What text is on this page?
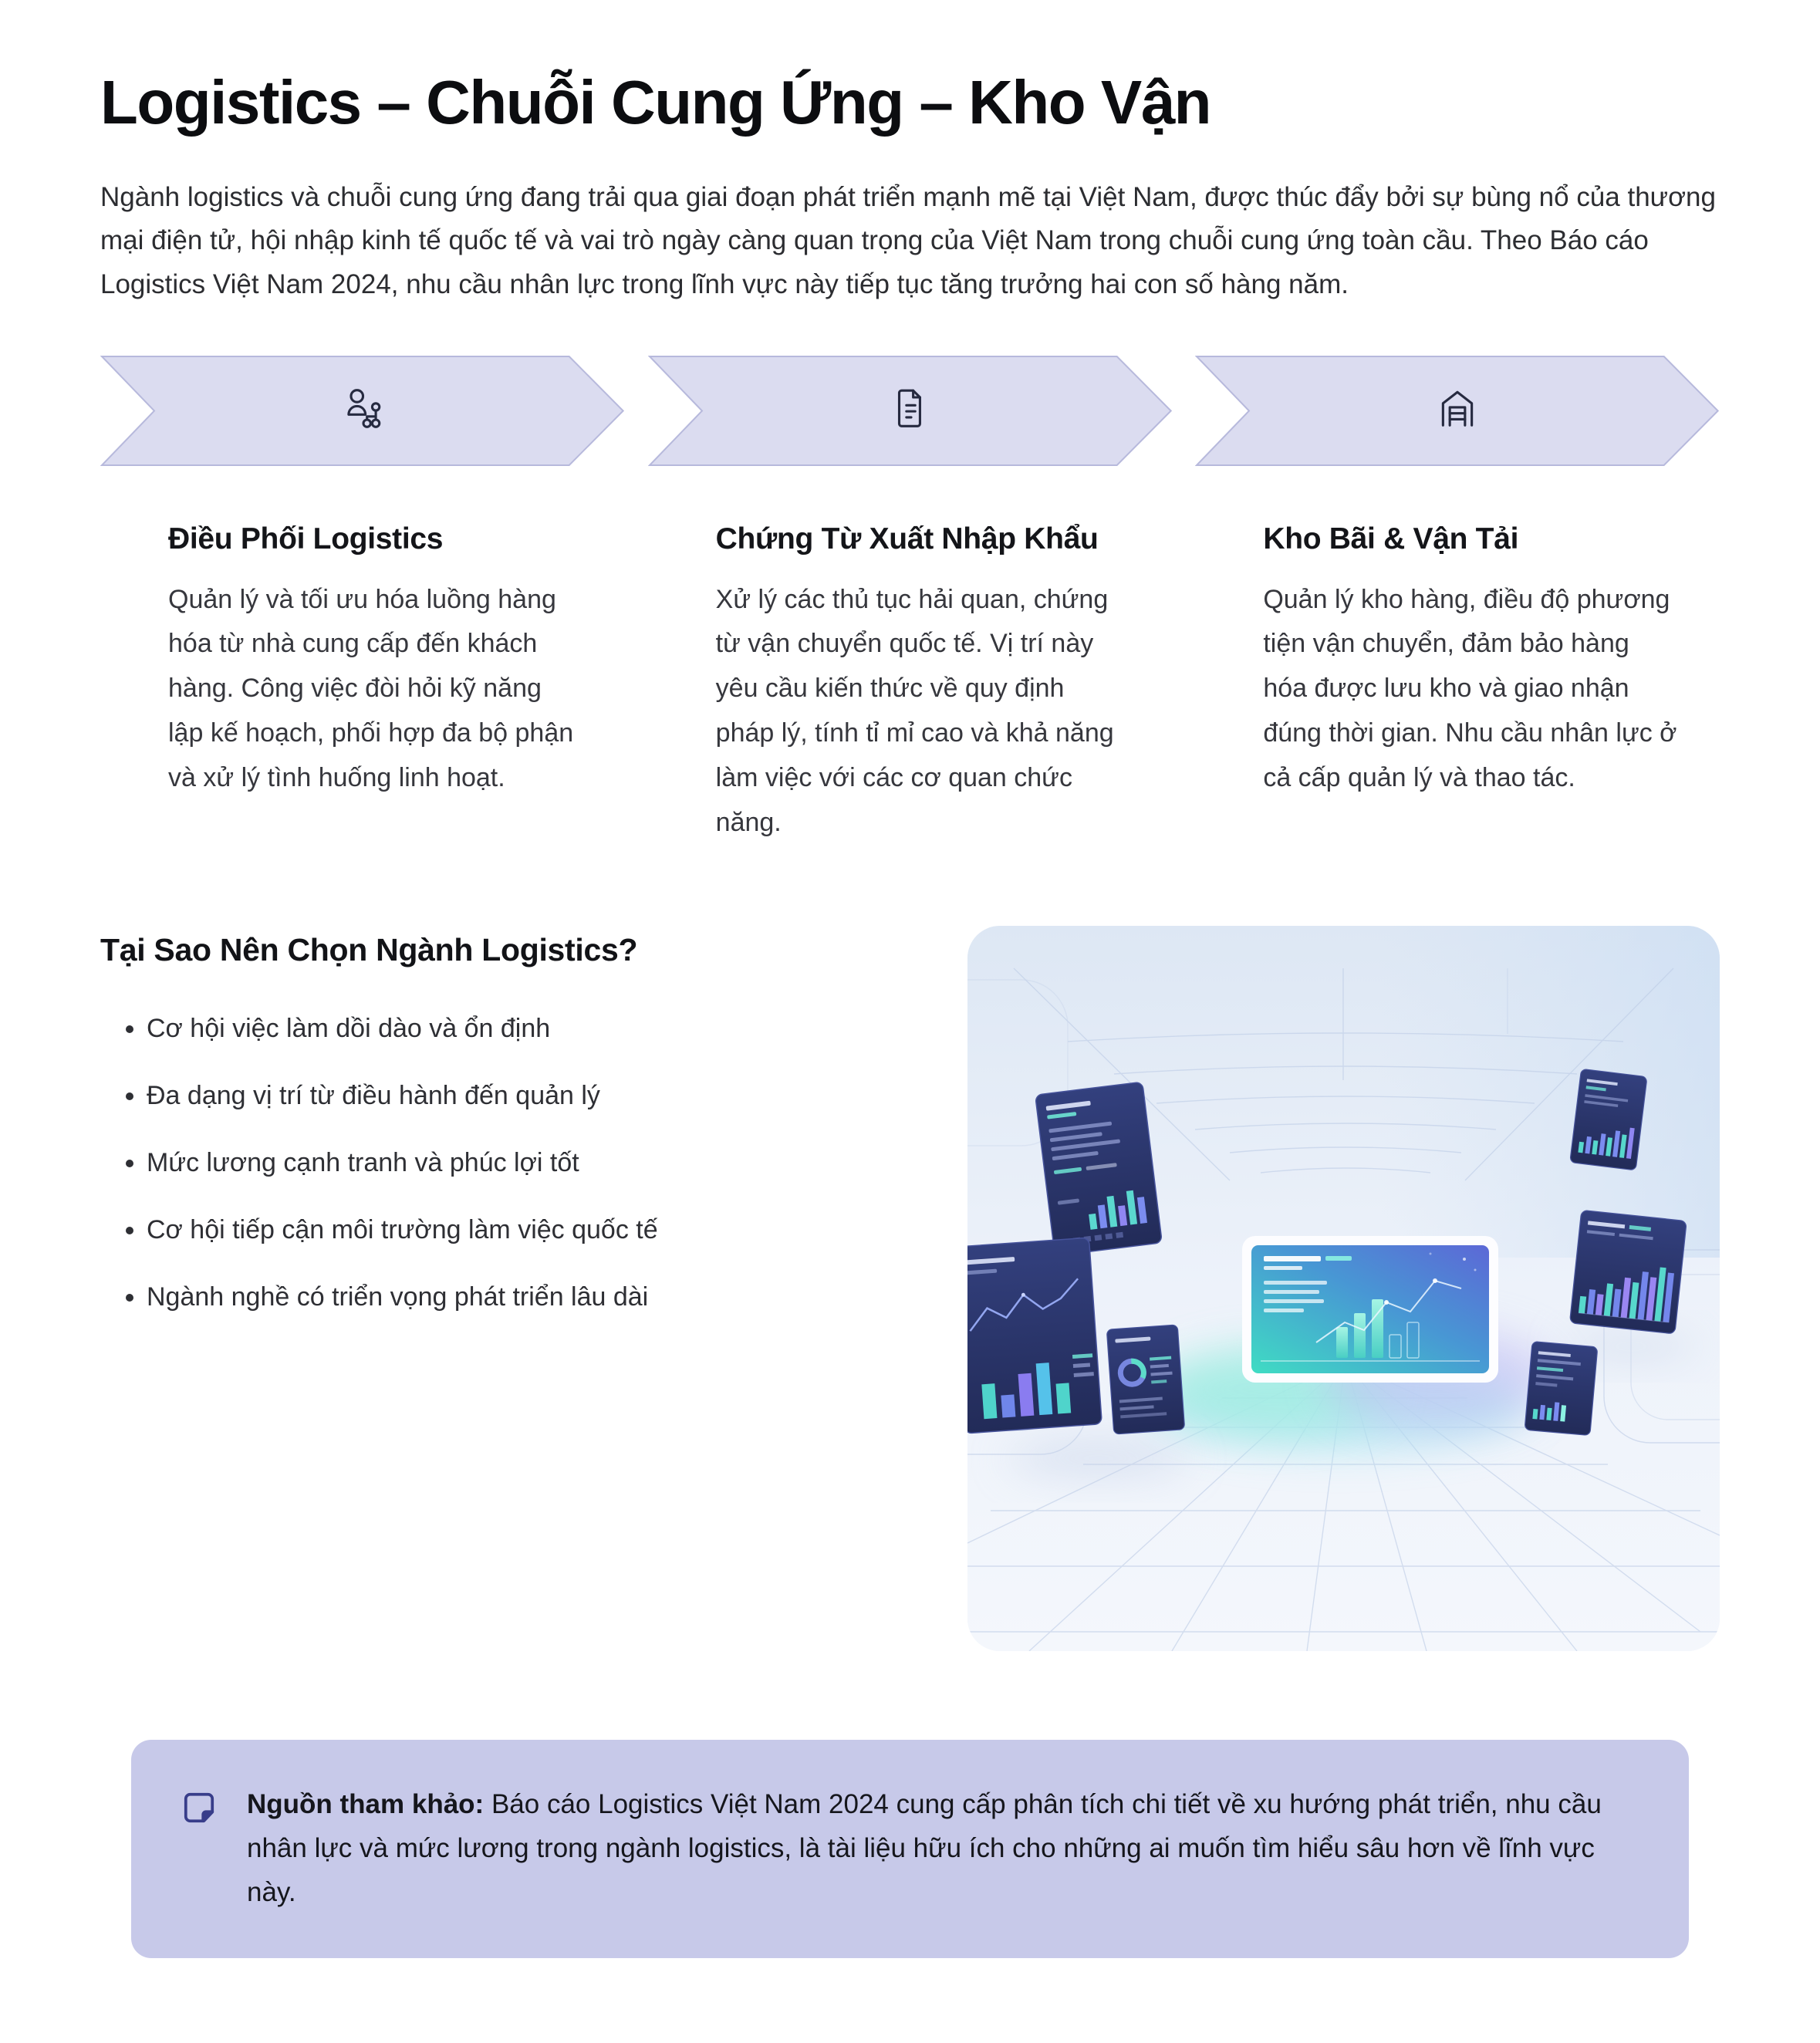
Logistics – Chuỗi Cung Ứng – Kho Vận

Ngành logistics và chuỗi cung ứng đang trải qua giai đoạn phát triển mạnh mẽ tại Việt Nam, được thúc đẩy bởi sự bùng nổ của thương mại điện tử, hội nhập kinh tế quốc tế và vai trò ngày càng quan trọng của Việt Nam trong chuỗi cung ứng toàn cầu. Theo Báo cáo Logistics Việt Nam 2024, nhu cầu nhân lực trong lĩnh vực này tiếp tục tăng trưởng hai con số hàng năm.

Điều Phối Logistics

Quản lý và tối ưu hóa luồng hàng hóa từ nhà cung cấp đến khách hàng. Công việc đòi hỏi kỹ năng lập kế hoạch, phối hợp đa bộ phận và xử lý tình huống linh hoạt.

Chứng Từ Xuất Nhập Khẩu

Xử lý các thủ tục hải quan, chứng từ vận chuyển quốc tế. Vị trí này yêu cầu kiến thức về quy định pháp lý, tính tỉ mỉ cao và khả năng làm việc với các cơ quan chức năng.

Kho Bãi & Vận Tải

Quản lý kho hàng, điều độ phương tiện vận chuyển, đảm bảo hàng hóa được lưu kho và giao nhận đúng thời gian. Nhu cầu nhân lực ở cả cấp quản lý và thao tác.

Tại Sao Nên Chọn Ngành Logistics?
• Cơ hội việc làm dồi dào và ổn định
• Đa dạng vị trí từ điều hành đến quản lý
• Mức lương cạnh tranh và phúc lợi tốt
• Cơ hội tiếp cận môi trường làm việc quốc tế
• Ngành nghề có triển vọng phát triển lâu dài
Nguồn tham khảo: Báo cáo Logistics Việt Nam 2024 cung cấp phân tích chi tiết về xu hướng phát triển, nhu cầu nhân lực và mức lương trong ngành logistics, là tài liệu hữu ích cho những ai muốn tìm hiểu sâu hơn về lĩnh vực này.
